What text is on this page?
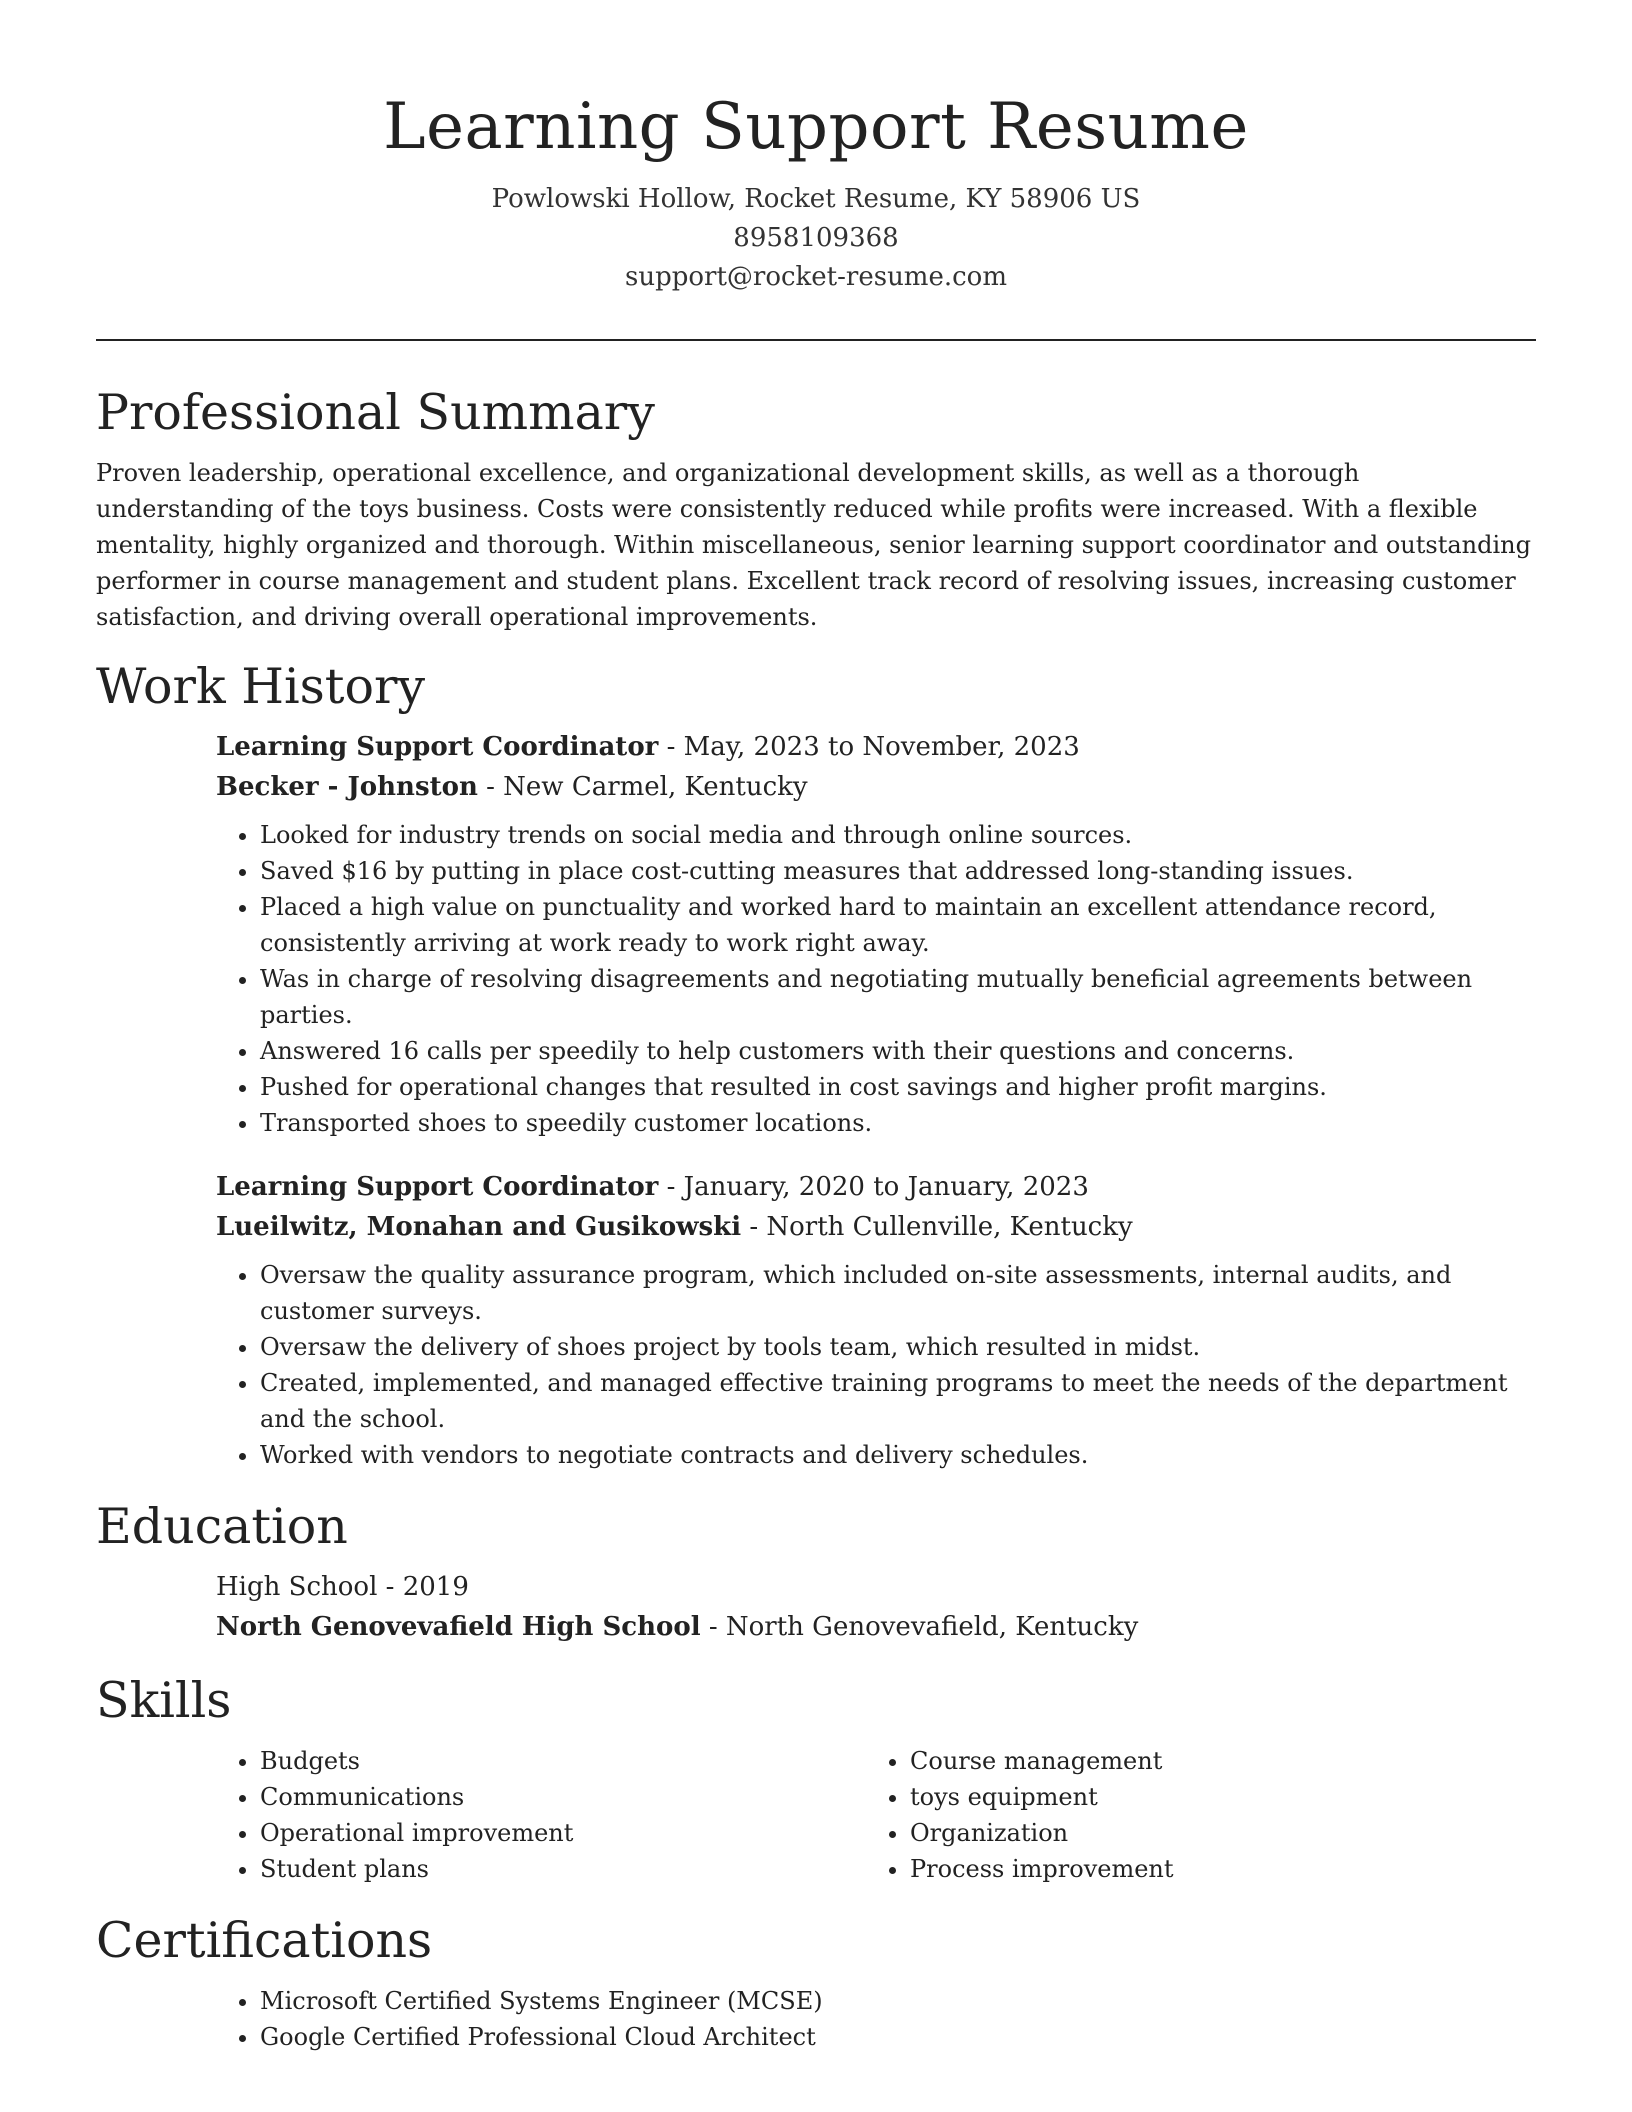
Learning Support Resume
Powlowski Hollow, Rocket Resume, KY 58906 US
8958109368
support@rocket-resume.com
Professional Summary

Proven leadership, operational excellence, and organizational development skills, as well as a thorough understanding of the toys business. Costs were consistently reduced while profits were increased. With a flexible mentality, highly organized and thorough. Within miscellaneous, senior learning support coordinator and outstanding performer in course management and student plans. Excellent track record of resolving issues, increasing customer satisfaction, and driving overall operational improvements.

Work History
Learning Support Coordinator - May, 2023 to November, 2023
Becker - Johnston - New Carmel, Kentucky
• Looked for industry trends on social media and through online sources.
• Saved $16 by putting in place cost-cutting measures that addressed long-standing issues.
• Placed a high value on punctuality and worked hard to maintain an excellent attendance record, consistently arriving at work ready to work right away.
• Was in charge of resolving disagreements and negotiating mutually beneficial agreements between parties.
• Answered 16 calls per speedily to help customers with their questions and concerns.
• Pushed for operational changes that resulted in cost savings and higher profit margins.
• Transported shoes to speedily customer locations.
Learning Support Coordinator - January, 2020 to January, 2023
Lueilwitz, Monahan and Gusikowski - North Cullenville, Kentucky
• Oversaw the quality assurance program, which included on-site assessments, internal audits, and customer surveys.
• Oversaw the delivery of shoes project by tools team, which resulted in midst.
• Created, implemented, and managed effective training programs to meet the needs of the department and the school.
• Worked with vendors to negotiate contracts and delivery schedules.
Education
High School - 2019
North Genovevafield High School - North Genovevafield, Kentucky
Skills
• Budgets
• Communications
• Operational improvement
• Student plans
• Course management
• toys equipment
• Organization
• Process improvement
Certifications
• Microsoft Certified Systems Engineer (MCSE)
• Google Certified Professional Cloud Architect
